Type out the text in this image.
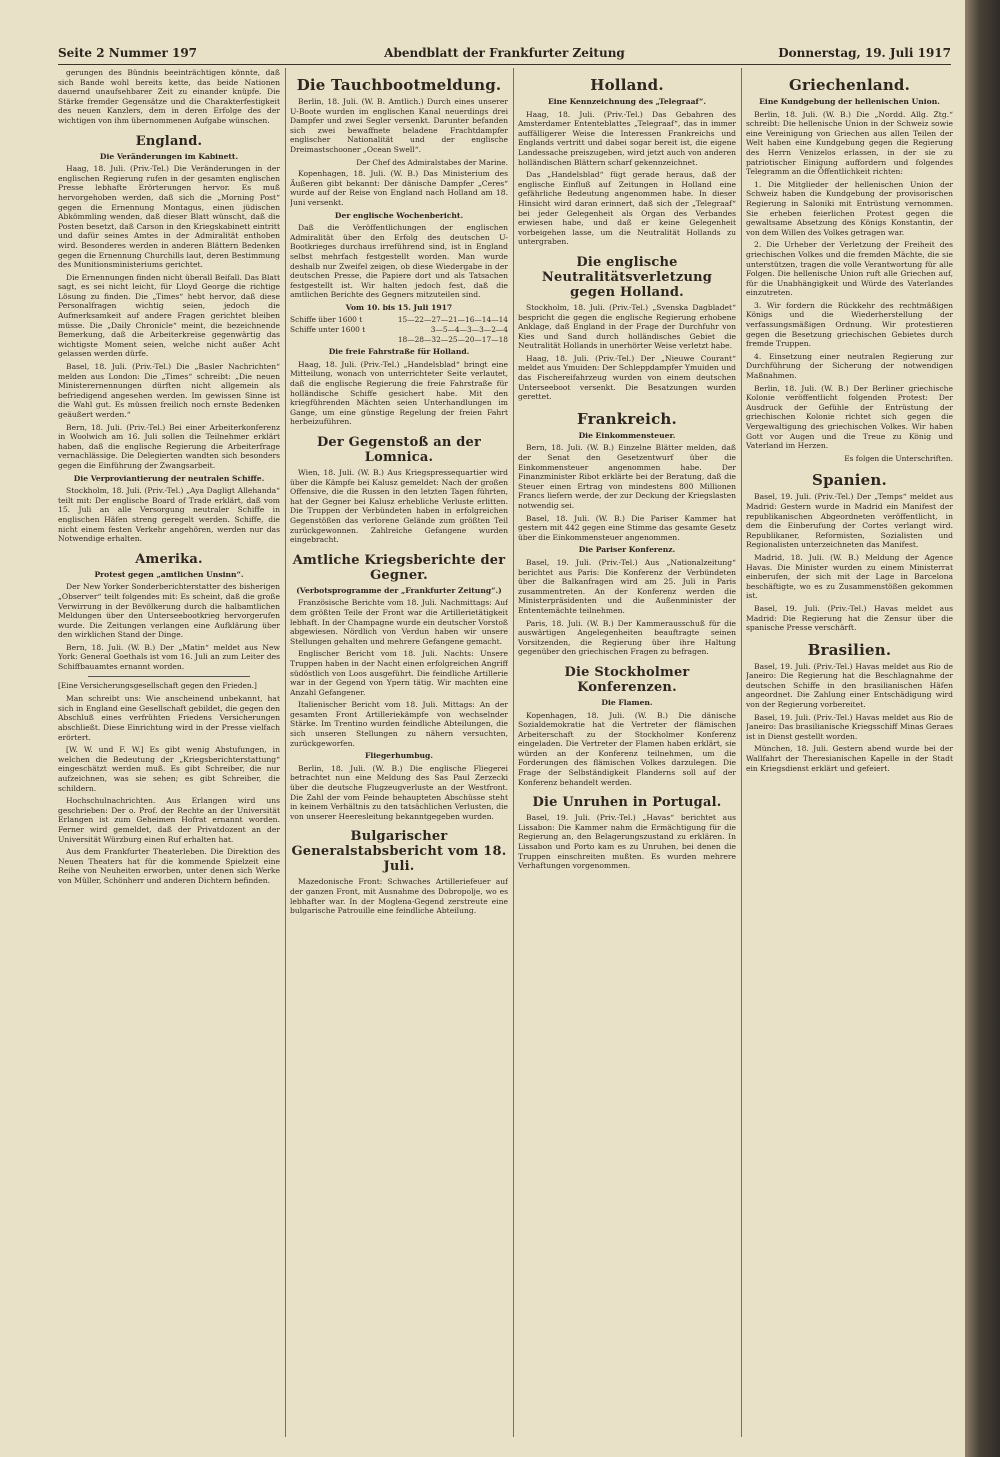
Seite 2 Nummer 197	Abendblatt der Frankfurter Zeitung	Donnerstag, 19. Juli 1917

gerungen des Bündnis beeinträchtigen könnte, daß sich Bande wohl bereits kette, das beide Nationen dauernd unaufsehbarer Zeit zu einander knüpfe. Die Stärke fremder Gegensätze und die Charakterfestigkeit des neuen Kanzlers, dem in deren Erfolge des der wichtigen von ihm übernommenen Aufgabe wünschen.

England.
Die Veränderungen im Kabinett.

Haag, 18. Juli. (Priv.-Tel.) Die Veränderungen in der englischen Regierung rufen in der gesamten englischen Presse lebhafte Erörterungen hervor. Es muß hervorgehoben werden, daß sich die „Morning Post“ gegen die Ernennung Montagus, einen jüdischen Abkömmling wenden, daß dieser Blatt wünscht, daß die Posten besetzt, daß Carson in den Kriegskabinett eintritt und dafür seines Amtes in der Admiralität enthoben wird. Besonderes werden in anderen Blättern Bedenken gegen die Ernennung Churchills laut, deren Bestimmung des Munitionsministeriums gerichtet.

Die Ernennungen finden nicht überall Beifall. Das Blatt sagt, es sei nicht leicht, für Lloyd George die richtige Lösung zu finden. Die „Times“ hebt hervor, daß diese Personalfragen wichtig seien, jedoch die Aufmerksamkeit auf andere Fragen gerichtet bleiben müsse. Die „Daily Chronicle“ meint, die bezeichnende Bemerkung, daß die Arbeiterkreise gegenwärtig das wichtigste Moment seien, welche nicht außer Acht gelassen werden dürfe.

Basel, 18. Juli. (Priv.-Tel.) Die „Basler Nachrichten“ melden aus London: Die „Times“ schreibt: „Die neuen Ministerernennungen dürften nicht allgemein als befriedigend angesehen werden. Im gewissen Sinne ist die Wahl gut. Es müssen freilich noch ernste Bedenken geäußert werden.“

Bern, 18. Juli. (Priv.-Tel.) Bei einer Arbeiterkonferenz in Woolwich am 16. Juli sollen die Teilnehmer erklärt haben, daß die englische Regierung die Arbeiterfrage vernachlässige. Die Delegierten wandten sich besonders gegen die Einführung der Zwangsarbeit.

Die Verproviantierung der neutralen Schiffe.

Stockholm, 18. Juli. (Priv.-Tel.) „Aya Dagligt Allehanda“ teilt mit: Der englische Board of Trade erklärt, daß vom 15. Juli an alle Versorgung neutraler Schiffe in englischen Häfen streng geregelt werden. Schiffe, die nicht einem festen Verkehr angehören, werden nur das Notwendige erhalten.

Amerika.
Protest gegen „amtlichen Unsinn“.

Der New Yorker Sonderberichterstatter des bisherigen „Observer“ teilt folgendes mit: Es scheint, daß die große Verwirrung in der Bevölkerung durch die halbamtlichen Meldungen über den Unterseebootkrieg hervorgerufen wurde. Die Zeitungen verlangen eine Aufklärung über den wirklichen Stand der Dinge.

Bern, 18. Juli. (W. B.) Der „Matin“ meldet aus New York: General Goethals ist vom 16. Juli an zum Leiter des Schiffbauamtes ernannt worden.

[Eine Versicherungsgesellschaft gegen den Frieden.]

Man schreibt uns: Wie anscheinend unbekannt, hat sich in England eine Gesellschaft gebildet, die gegen den Abschluß eines verfrühten Friedens Versicherungen abschließt. Diese Einrichtung wird in der Presse vielfach erörtert.

[W. W. und F. W.] Es gibt wenig Abstufungen, in welchen die Bedeutung der „Kriegsberichterstattung“ eingeschätzt werden muß. Es gibt Schreiber, die nur aufzeichnen, was sie sehen; es gibt Schreiber, die schildern.

Hochschulnachrichten. Aus Erlangen wird uns geschrieben: Der o. Prof. der Rechte an der Universität Erlangen ist zum Geheimen Hofrat ernannt worden. Ferner wird gemeldet, daß der Privatdozent an der Universität Würzburg einen Ruf erhalten hat.

Aus dem Frankfurter Theaterleben. Die Direktion des Neuen Theaters hat für die kommende Spielzeit eine Reihe von Neuheiten erworben, unter denen sich Werke von Müller, Schönherr und anderen Dichtern befinden.

Die Tauchbootmeldung.

Berlin, 18. Juli. (W. B. Amtlich.) Durch eines unserer U-Boote wurden im englischen Kanal neuerdings drei Dampfer und zwei Segler versenkt. Darunter befanden sich zwei bewaffnete beladene Frachtdampfer englischer Nationalität und der englische Dreimastschooner „Ocean Swell“.

Der Chef des Admiralstabes der Marine.

Kopenhagen, 18. Juli. (W. B.) Das Ministerium des Äußeren gibt bekannt: Der dänische Dampfer „Ceres“ wurde auf der Reise von England nach Holland am 18. Juni versenkt.

Der englische Wochenbericht.

Daß die Veröffentlichungen der englischen Admiralität über den Erfolg des deutschen U-Bootkrieges durchaus irreführend sind, ist in England selbst mehrfach festgestellt worden. Man wurde deshalb nur Zweifel zeigen, ob diese Wiedergabe in der deutschen Presse, die Papiere dort und als Tatsachen festgestellt ist. Wir halten jedoch fest, daß die amtlichen Berichte des Gegners mitzuteilen sind.

Vom 10. bis 15. Juli 1917
Schiffe über 1600 t	15—22—27—21—16—14—14
Schiffe unter 1600 t	3—5—4—3—3—2—4
18—28—32—25—20—17—18
Die freie Fahrstraße für Holland.

Haag, 18. Juli. (Priv.-Tel.) „Handelsblad“ bringt eine Mitteilung, wonach von unterrichteter Seite verlautet, daß die englische Regierung die freie Fahrstraße für holländische Schiffe gesichert habe. Mit den kriegführenden Mächten seien Unterhandlungen im Gange, um eine günstige Regelung der freien Fahrt herbeizuführen.

Der Gegenstoß an der Lomnica.

Wien, 18. Juli. (W. B.) Aus Kriegspressequartier wird über die Kämpfe bei Kalusz gemeldet: Nach der großen Offensive, die die Russen in den letzten Tagen führten, hat der Gegner bei Kalusz erhebliche Verluste erlitten. Die Truppen der Verbündeten haben in erfolgreichen Gegenstößen das verlorene Gelände zum größten Teil zurückgewonnen. Zahlreiche Gefangene wurden eingebracht.

Amtliche Kriegsberichte der Gegner.
(Verbotsprogramme der „Frankfurter Zeitung“.)

Französische Berichte vom 18. Juli. Nachmittags: Auf dem größten Teile der Front war die Artillerietätigkeit lebhaft. In der Champagne wurde ein deutscher Vorstoß abgewiesen. Nördlich von Verdun haben wir unsere Stellungen gehalten und mehrere Gefangene gemacht.

Englischer Bericht vom 18. Juli. Nachts: Unsere Truppen haben in der Nacht einen erfolgreichen Angriff südöstlich von Loos ausgeführt. Die feindliche Artillerie war in der Gegend von Ypern tätig. Wir machten eine Anzahl Gefangener.

Italienischer Bericht vom 18. Juli. Mittags: An der gesamten Front Artilleriekämpfe von wechselnder Stärke. Im Trentino wurden feindliche Abteilungen, die sich unseren Stellungen zu nähern versuchten, zurückgeworfen.

Fliegerhumbug.

Berlin, 18. Juli. (W. B.) Die englische Fliegerei betrachtet nun eine Meldung des Sas Paul Zerzecki über die deutsche Flugzeugverluste an der Westfront. Die Zahl der vom Feinde behaupteten Abschüsse steht in keinem Verhältnis zu den tatsächlichen Verlusten, die von unserer Heeresleitung bekanntgegeben wurden.

Bulgarischer Generalstabsbericht vom 18. Juli.

Mazedonische Front: Schwaches Artilleriefeuer auf der ganzen Front, mit Ausnahme des Dobropolje, wo es lebhafter war. In der Moglena-Gegend zerstreute eine bulgarische Patrouille eine feindliche Abteilung.

Holland.
Eine Kennzeichnung des „Telegraaf“.

Haag, 18. Juli. (Priv.-Tel.) Das Gebahren des Amsterdamer Ententeblattes „Telegraaf“, das in immer auffälligerer Weise die Interessen Frankreichs und Englands vertritt und dabei sogar bereit ist, die eigene Landessache preiszugeben, wird jetzt auch von anderen holländischen Blättern scharf gekennzeichnet.

Das „Handelsblad“ fügt gerade heraus, daß der englische Einfluß auf Zeitungen in Holland eine gefährliche Bedeutung angenommen habe. In dieser Hinsicht wird daran erinnert, daß sich der „Telegraaf“ bei jeder Gelegenheit als Organ des Verbandes erwiesen habe, und daß er keine Gelegenheit vorbeigehen lasse, um die Neutralität Hollands zu untergraben.

Die englische Neutralitätsverletzung gegen Holland.

Stockholm, 18. Juli. (Priv.-Tel.) „Svenska Dagbladet“ bespricht die gegen die englische Regierung erhobene Anklage, daß England in der Frage der Durchfuhr von Kies und Sand durch holländisches Gebiet die Neutralität Hollands in unerhörter Weise verletzt habe.

Haag, 18. Juli. (Priv.-Tel.) Der „Nieuwe Courant“ meldet aus Ymuiden: Der Schleppdampfer Ymuiden und das Fischereifahrzeug wurden von einem deutschen Unterseeboot versenkt. Die Besatzungen wurden gerettet.

Frankreich.
Die Einkommensteuer.

Bern, 18. Juli. (W. B.) Einzelne Blätter melden, daß der Senat den Gesetzentwurf über die Einkommensteuer angenommen habe. Der Finanzminister Ribot erklärte bei der Beratung, daß die Steuer einen Ertrag von mindestens 800 Millionen Francs liefern werde, der zur Deckung der Kriegslasten notwendig sei.

Basel, 18. Juli. (W. B.) Die Pariser Kammer hat gestern mit 442 gegen eine Stimme das gesamte Gesetz über die Einkommensteuer angenommen.

Die Pariser Konferenz.

Basel, 19. Juli. (Priv.-Tel.) Aus „Nationalzeitung“ berichtet aus Paris: Die Konferenz der Verbündeten über die Balkanfragen wird am 25. Juli in Paris zusammentreten. An der Konferenz werden die Ministerpräsidenten und die Außenminister der Ententemächte teilnehmen.

Paris, 18. Juli. (W. B.) Der Kammerausschuß für die auswärtigen Angelegenheiten beauftragte seinen Vorsitzenden, die Regierung über ihre Haltung gegenüber den griechischen Fragen zu befragen.

Die Stockholmer Konferenzen.
Die Flamen.

Kopenhagen, 18. Juli. (W. B.) Die dänische Sozialdemokratie hat die Vertreter der flämischen Arbeiterschaft zu der Stockholmer Konferenz eingeladen. Die Vertreter der Flamen haben erklärt, sie würden an der Konferenz teilnehmen, um die Forderungen des flämischen Volkes darzulegen. Die Frage der Selbständigkeit Flanderns soll auf der Konferenz behandelt werden.

Die Unruhen in Portugal.

Basel, 19. Juli. (Priv.-Tel.) „Havas“ berichtet aus Lissabon: Die Kammer nahm die Ermächtigung für die Regierung an, den Belagerungszustand zu erklären. In Lissabon und Porto kam es zu Unruhen, bei denen die Truppen einschreiten mußten. Es wurden mehrere Verhaftungen vorgenommen.

Griechenland.
Eine Kundgebung der hellenischen Union.

Berlin, 18. Juli. (W. B.) Die „Nordd. Allg. Ztg.“ schreibt: Die hellenische Union in der Schweiz sowie eine Vereinigung von Griechen aus allen Teilen der Welt haben eine Kundgebung gegen die Regierung des Herrn Venizelos erlassen, in der sie zu patriotischer Einigung auffordern und folgendes Telegramm an die Öffentlichkeit richten:

1. Die Mitglieder der hellenischen Union der Schweiz haben die Kundgebung der provisorischen Regierung in Saloniki mit Entrüstung vernommen. Sie erheben feierlichen Protest gegen die gewaltsame Absetzung des Königs Konstantin, der von dem Willen des Volkes getragen war.

2. Die Urheber der Verletzung der Freiheit des griechischen Volkes und die fremden Mächte, die sie unterstützen, tragen die volle Verantwortung für alle Folgen. Die hellenische Union ruft alle Griechen auf, für die Unabhängigkeit und Würde des Vaterlandes einzutreten.

3. Wir fordern die Rückkehr des rechtmäßigen Königs und die Wiederherstellung der verfassungsmäßigen Ordnung. Wir protestieren gegen die Besetzung griechischen Gebietes durch fremde Truppen.

4. Einsetzung einer neutralen Regierung zur Durchführung der Sicherung der notwendigen Maßnahmen.

Berlin, 18. Juli. (W. B.) Der Berliner griechische Kolonie veröffentlicht folgenden Protest: Der Ausdruck der Gefühle der Entrüstung der griechischen Kolonie richtet sich gegen die Vergewaltigung des griechischen Volkes. Wir haben Gott vor Augen und die Treue zu König und Vaterland im Herzen.

Es folgen die Unterschriften.
Spanien.

Basel, 19. Juli. (Priv.-Tel.) Der „Temps“ meldet aus Madrid: Gestern wurde in Madrid ein Manifest der republikanischen Abgeordneten veröffentlicht, in dem die Einberufung der Cortes verlangt wird. Republikaner, Reformisten, Sozialisten und Regionalisten unterzeichneten das Manifest.

Madrid, 18. Juli. (W. B.) Meldung der Agence Havas. Die Minister wurden zu einem Ministerrat einberufen, der sich mit der Lage in Barcelona beschäftigte, wo es zu Zusammenstößen gekommen ist.

Basel, 19. Juli. (Priv.-Tel.) Havas meldet aus Madrid: Die Regierung hat die Zensur über die spanische Presse verschärft.

Brasilien.

Basel, 19. Juli. (Priv.-Tel.) Havas meldet aus Rio de Janeiro: Die Regierung hat die Beschlagnahme der deutschen Schiffe in den brasilianischen Häfen angeordnet. Die Zahlung einer Entschädigung wird von der Regierung vorbereitet.

Basel, 19. Juli. (Priv.-Tel.) Havas meldet aus Rio de Janeiro: Das brasilianische Kriegsschiff Minas Geraes ist in Dienst gestellt worden.

München, 18. Juli. Gestern abend wurde bei der Wallfahrt der Theresianischen Kapelle in der Stadt ein Kriegsdienst erklärt und gefeiert.
